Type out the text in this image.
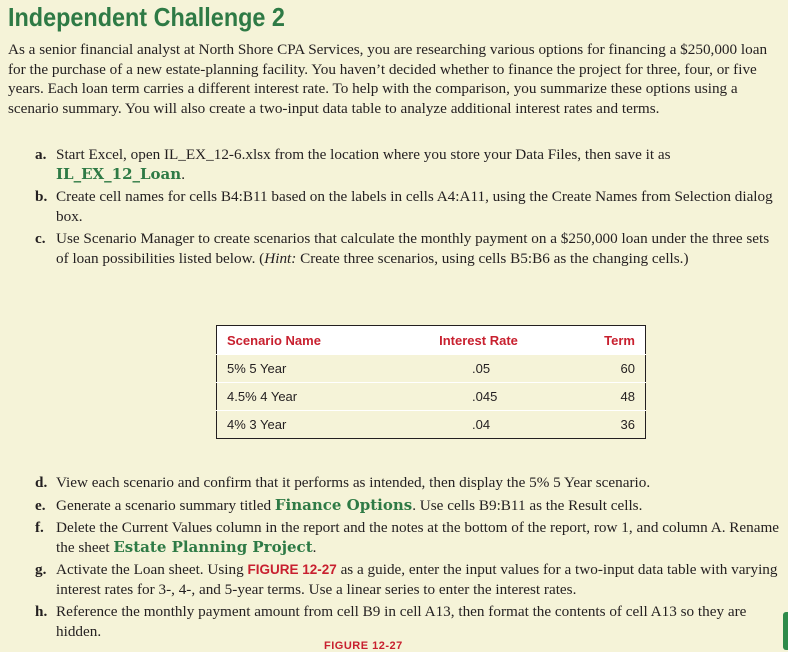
Independent Challenge 2
As a senior financial analyst at North Shore CPA Services, you are researching various options for financing a $250,000 loan for the purchase of a new estate-planning facility. You haven’t decided whether to finance the project for three, four, or five years. Each loan term carries a different interest rate. To help with the comparison, you summarize these options using a scenario summary. You will also create a two-input data table to analyze additional interest rates and terms.
a. Start Excel, open IL_EX_12-6.xlsx from the location where you store your Data Files, then save it as
IL_EX_12_Loan.
b. Create cell names for cells B4:B11 based on the labels in cells A4:A11, using the Create Names from Selection dialog box.
c. Use Scenario Manager to create scenarios that calculate the monthly payment on a $250,000 loan under the three sets of loan possibilities listed below. (Hint: Create three scenarios, using cells B5:B6 as the changing cells.)
Scenario Name	Interest Rate	Term
5% 5 Year	.05	60
4.5% 4 Year	.045	48
4% 3 Year	.04	36
d. View each scenario and confirm that it performs as intended, then display the 5% 5 Year scenario.
e. Generate a scenario summary titled Finance Options. Use cells B9:B11 as the Result cells.
f. Delete the Current Values column in the report and the notes at the bottom of the report, row 1, and column A. Rename the sheet Estate Planning Project.
g. Activate the Loan sheet. Using FIGURE 12-27 as a guide, enter the input values for a two-input data table with varying interest rates for 3-, 4-, and 5-year terms. Use a linear series to enter the interest rates.
h. Reference the monthly payment amount from cell B9 in cell A13, then format the contents of cell A13 so they are hidden.
FIGURE 12-27
